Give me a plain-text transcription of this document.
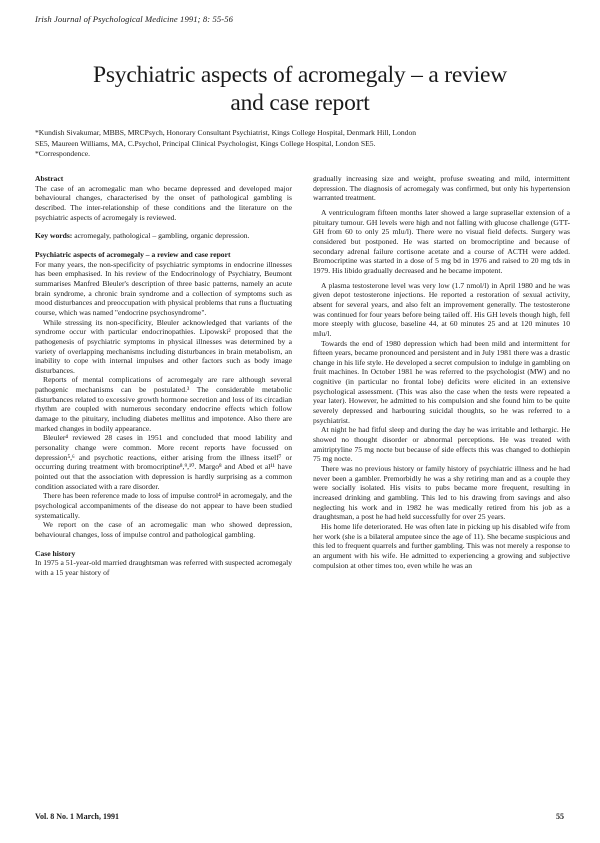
Irish Journal of Psychological Medicine 1991; 8: 55-56
Psychiatric aspects of acromegaly – a review
and case report
*Kundish Sivakumar, MBBS, MRCPsych, Honorary Consultant Psychiatrist, Kings College Hospital, Denmark Hill, London
SE5, Maureen Williams, MA, C.Psychol, Principal Clinical Psychologist, Kings College Hospital, London SE5.
*Correspondence.
Abstract

The case of an acromegalic man who became depressed and developed major behavioural changes, characterised by the onset of pathological gambling is described. The inter-relationship of these conditions and the literature on the psychiatric aspects of acromegaly is reviewed.

Key words: acromegaly, pathological – gambling, organic depression.

Psychiatric aspects of acromegaly – a review and case report

For many years, the non-specificity of psychiatric symptoms in endocrine illnesses has been emphasised. In his review of the Endocrinology of Psychiatry, Beumont summarises Manfred Bleuler's description of three basic patterns, namely an acute brain syndrome, a chronic brain syndrome and a collection of symptoms such as mood disturbances and preoccupation with physical problems that runs a fluctuating course, which was named "endocrine psychosyndrome".

While stressing its non-specificity, Bleuler acknowledged that variants of the syndrome occur with particular endocrinopathies. Lipowski² proposed that the pathogenesis of psychiatric symptoms in physical illnesses was determined by a variety of overlapping mechanisms including disturbances in brain metabolism, an inability to cope with internal impulses and other factors such as body image disturbances.

Reports of mental complications of acromegaly are rare although several pathogenic mechanisms can be postulated.³ The considerable metabolic disturbances related to excessive growth hormone secretion and loss of its circadian rhythm are coupled with numerous secondary endocrine effects which follow damage to the pituitary, including diabetes mellitus and impotence. Also there are marked changes in bodily appearance.

Bleuler⁴ reviewed 28 cases in 1951 and concluded that mood lability and personality change were common. More recent reports have focussed on depression⁵,⁶ and psychotic reactions, either arising from the illness itself⁷ or occurring during treatment with bromocriptine⁸,⁹,¹⁰. Margo⁸ and Abed et al¹¹ have pointed out that the association with depression is hardly surprising as a common condition associated with a rare disorder.

There has been reference made to loss of impulse control⁴ in acromegaly, and the psychological accompaniments of the disease do not appear to have been studied systematically.

We report on the case of an acromegalic man who showed depression, behavioural changes, loss of impulse control and pathological gambling.

Case history

In 1975 a 51-year-old married draughtsman was referred with suspected acromegaly with a 15 year history of

gradually increasing size and weight, profuse sweating and mild, intermittent depression. The diagnosis of acromegaly was confirmed, but only his hypertension warranted treatment.

A ventriculogram fifteen months later showed a large suprasellar extension of a pituitary tumour. GH levels were high and not falling with glucose challenge (GTT-GH from 60 to only 25 mIu/l). There were no visual field defects. Surgery was considered but postponed. He was started on bromocriptine and because of secondary adrenal failure cortisone acetate and a course of ACTH were added. Bromocriptine was started in a dose of 5 mg bd in 1976 and raised to 20 mg tds in 1979. His libido gradually decreased and he became impotent.

A plasma testosterone level was very low (1.7 nmol/l) in April 1980 and he was given depot testosterone injections. He reported a restoration of sexual activity, absent for several years, and also felt an improvement generally. The testosterone was continued for four years before being tailed off. His GH levels though high, fell more steeply with glucose, baseline 44, at 60 minutes 25 and at 120 minutes 10 mIu/l.

Towards the end of 1980 depression which had been mild and intermittent for fifteen years, became pronounced and persistent and in July 1981 there was a drastic change in his life style. He developed a secret compulsion to indulge in gambling on fruit machines. In October 1981 he was referred to the psychologist (MW) and no cognitive (in particular no frontal lobe) deficits were elicited in an extensive psychological assessment. (This was also the case when the tests were repeated a year later). However, he admitted to his compulsion and she found him to be quite severely depressed and harbouring suicidal thoughts, so he was referred to a psychiatrist.

At night he had fitful sleep and during the day he was irritable and lethargic. He showed no thought disorder or abnormal perceptions. He was treated with amitriptyline 75 mg nocte but because of side effects this was changed to dothiepin 75 mg nocte.

There was no previous history or family history of psychiatric illness and he had never been a gambler. Premorbidly he was a shy retiring man and as a couple they were socially isolated. His visits to pubs became more frequent, resulting in increased drinking and gambling. This led to his drawing from savings and also neglecting his work and in 1982 he was medically retired from his job as a draughtsman, a post he had held successfully for over 25 years.

His home life deteriorated. He was often late in picking up his disabled wife from her work (she is a bilateral amputee since the age of 11). She became suspicious and this led to frequent quarrels and further gambling. This was not merely a response to an argument with his wife. He admitted to experiencing a growing and subjective compulsion at other times too, even while he was an

Vol. 8 No. 1 March, 1991	55
